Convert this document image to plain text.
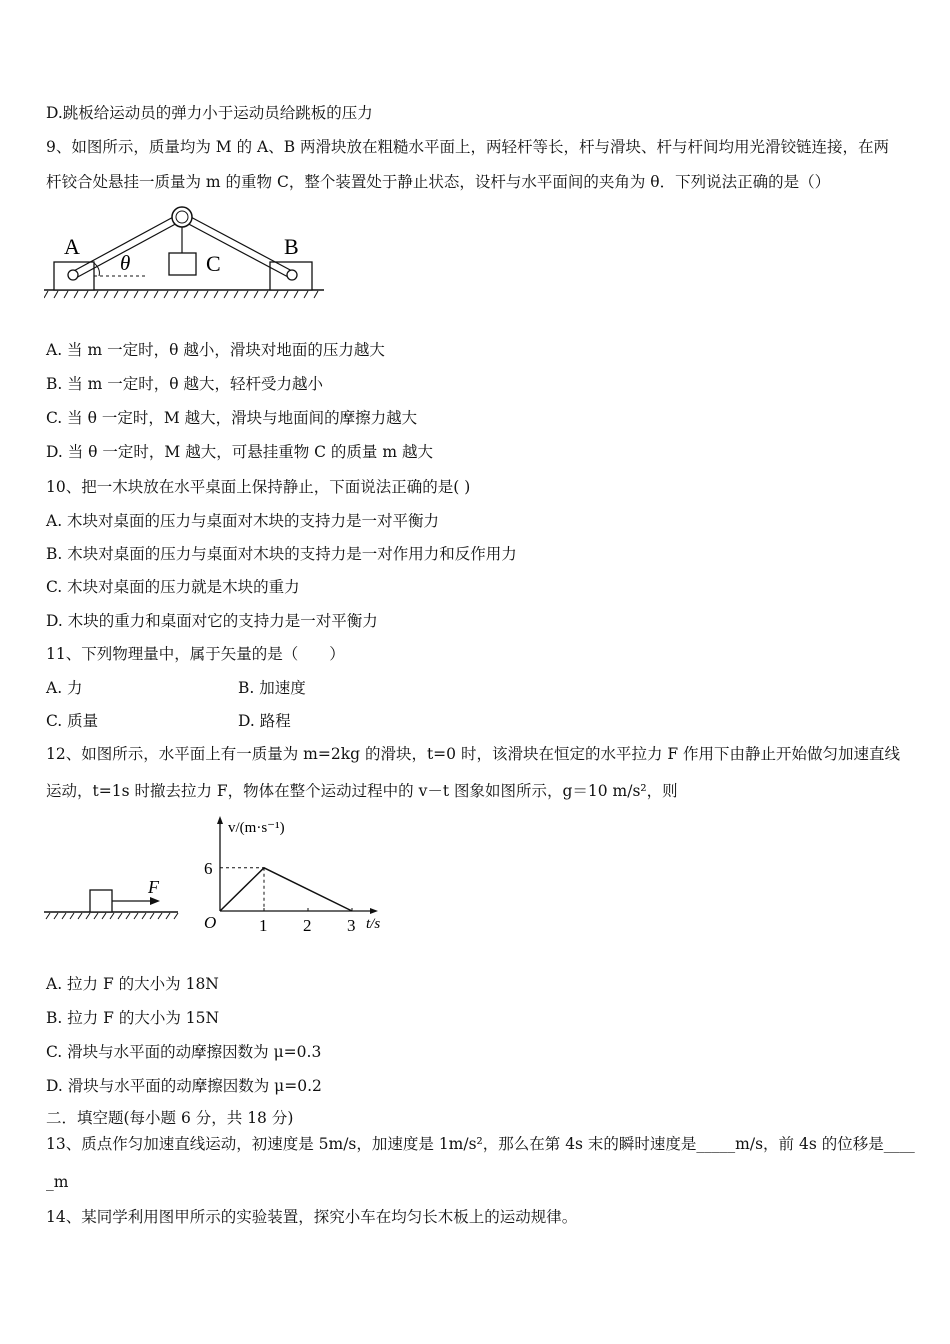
D.跳板给运动员的弹力小于运动员给跳板的压力
9、如图所示，质量均为 M 的 A、B 两滑块放在粗糙水平面上，两轻杆等长，杆与滑块、杆与杆间均用光滑铰链连接，在两
杆铰合处悬挂一质量为 m 的重物 C，整个装置处于静止状态，设杆与水平面间的夹角为 θ．下列说法正确的是（）
A	B
C
θ
A. 当 m 一定时，θ 越小，滑块对地面的压力越大
B. 当 m 一定时，θ 越大，轻杆受力越小
C. 当 θ 一定时，M 越大，滑块与地面间的摩擦力越大
D. 当 θ 一定时，M 越大，可悬挂重物 C 的质量 m 越大
10、把一木块放在水平桌面上保持静止，下面说法正确的是( )
A. 木块对桌面的压力与桌面对木块的支持力是一对平衡力
B. 木块对桌面的压力与桌面对木块的支持力是一对作用力和反作用力
C. 木块对桌面的压力就是木块的重力
D. 木块的重力和桌面对它的支持力是一对平衡力
11、下列物理量中，属于矢量的是（　　）
A. 力	B. 加速度
C. 质量	D. 路程
12、如图所示，水平面上有一质量为 m=2kg 的滑块，t=0 时，该滑块在恒定的水平拉力 F 作用下由静止开始做匀加速直线
运动，t=1s 时撤去拉力 F，物体在整个运动过程中的 v－t 图象如图所示，g＝10 m/s²，则
F
v/(m·s⁻¹)
t/s
O	1 2 3
6
A. 拉力 F 的大小为 18N
B. 拉力 F 的大小为 15N
C. 滑块与水平面的动摩擦因数为 μ=0.3
D. 滑块与水平面的动摩擦因数为 μ=0.2
二．填空题(每小题 6 分，共 18 分)
13、质点作匀加速直线运动，初速度是 5m/s，加速度是 1m/s²，那么在第 4s 末的瞬时速度是_____m/s，前 4s 的位移是____
_m
14、某同学利用图甲所示的实验装置，探究小车在均匀长木板上的运动规律。
